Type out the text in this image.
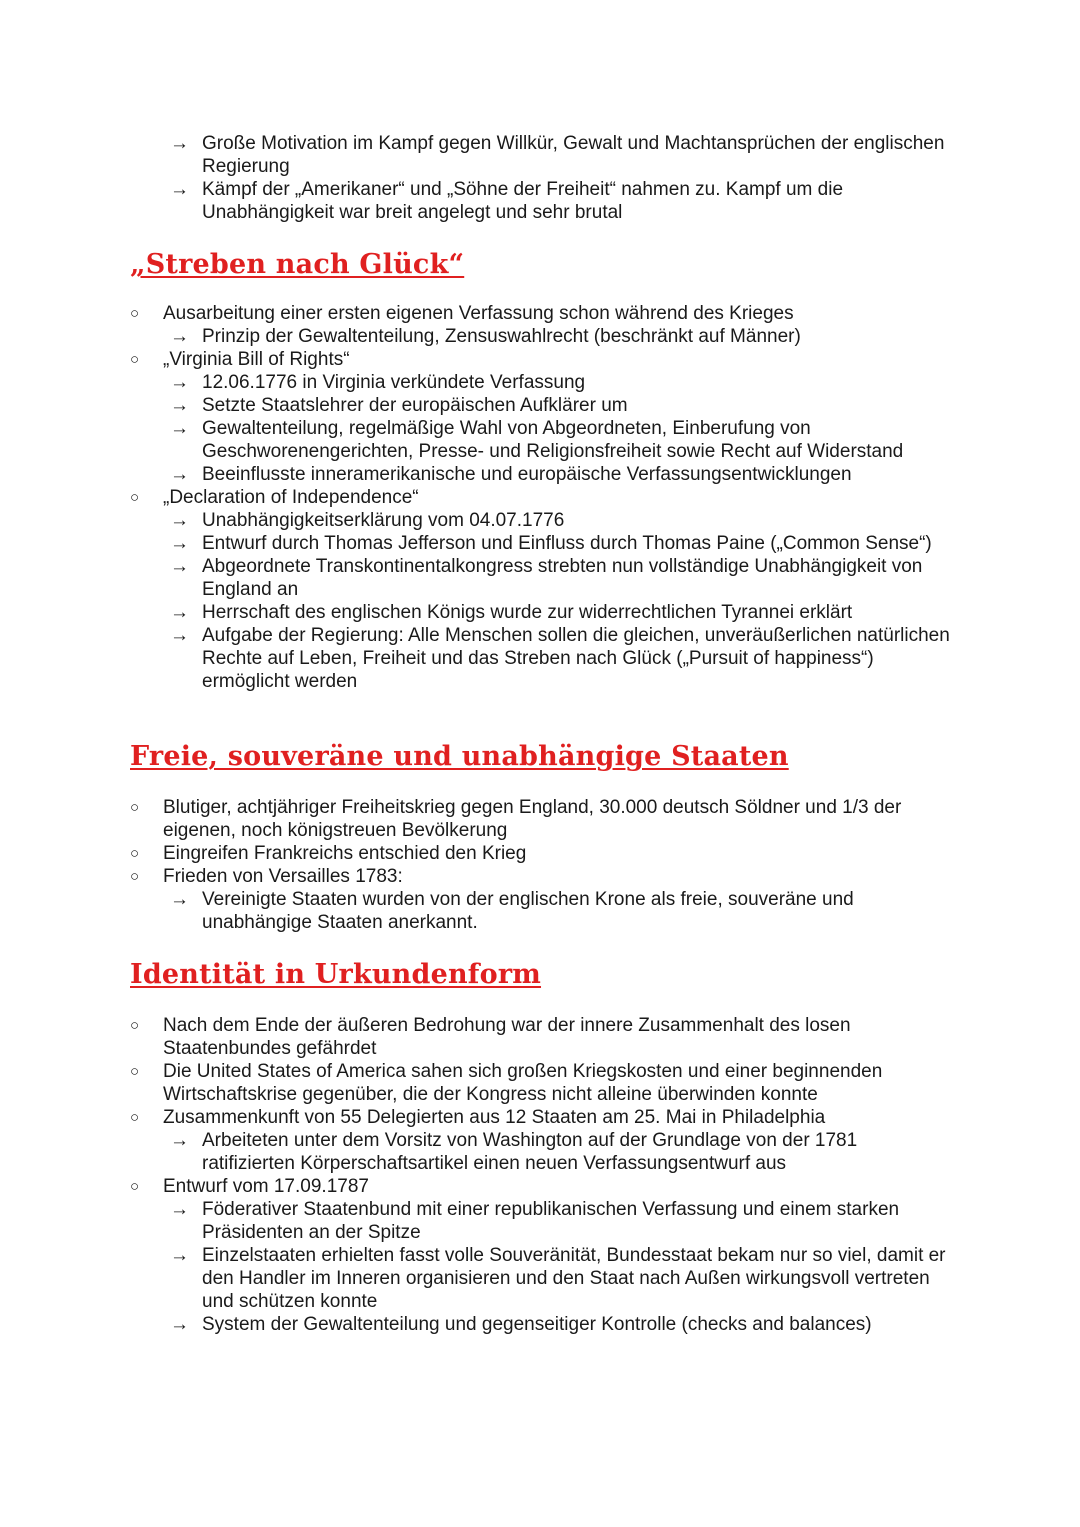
→ Große Motivation im Kampf gegen Willkür, Gewalt und Machtansprüchen der englischen Regierung
→ Kämpf der „Amerikaner“ und „Söhne der Freiheit“ nahmen zu. Kampf um die Unabhängigkeit war breit angelegt und sehr brutal
„Streben nach Glück“
○	Ausarbeitung einer ersten eigenen Verfassung schon während des Krieges
→ Prinzip der Gewaltenteilung, Zensuswahlrecht (beschränkt auf Männer)
○	„Virginia Bill of Rights“
→ 12.06.1776 in Virginia verkündete Verfassung
→ Setzte Staatslehrer der europäischen Aufklärer um
→ Gewaltenteilung, regelmäßige Wahl von Abgeordneten, Einberufung von Geschworenengerichten, Presse- und Religionsfreiheit sowie Recht auf Widerstand
→ Beeinflusste inneramerikanische und europäische Verfassungsentwicklungen
○	„Declaration of Independence“
→ Unabhängigkeitserklärung vom 04.07.1776
→ Entwurf durch Thomas Jefferson und Einfluss durch Thomas Paine („Common Sense“)
→ Abgeordnete Transkontinentalkongress strebten nun vollständige Unabhängigkeit von England an
→ Herrschaft des englischen Königs wurde zur widerrechtlichen Tyrannei erklärt
→ Aufgabe der Regierung: Alle Menschen sollen die gleichen, unveräußerlichen natürlichen Rechte auf Leben, Freiheit und das Streben nach Glück („Pursuit of happiness“) ermöglicht werden
Freie, souveräne und unabhängige Staaten
○	Blutiger, achtjähriger Freiheitskrieg gegen England, 30.000 deutsch Söldner und 1/3 der eigenen, noch königstreuen Bevölkerung
○	Eingreifen Frankreichs entschied den Krieg
○	Frieden von Versailles 1783:
→ Vereinigte Staaten wurden von der englischen Krone als freie, souveräne und unabhängige Staaten anerkannt.
Identität in Urkundenform
○	Nach dem Ende der äußeren Bedrohung war der innere Zusammenhalt des losen Staatenbundes gefährdet
○	Die United States of America sahen sich großen Kriegskosten und einer beginnenden Wirtschaftskrise gegenüber, die der Kongress nicht alleine überwinden konnte
○	Zusammenkunft von 55 Delegierten aus 12 Staaten am 25. Mai in Philadelphia
→ Arbeiteten unter dem Vorsitz von Washington auf der Grundlage von der 1781 ratifizierten Körperschaftsartikel einen neuen Verfassungsentwurf aus
○	Entwurf vom 17.09.1787
→ Föderativer Staatenbund mit einer republikanischen Verfassung und einem starken Präsidenten an der Spitze
→ Einzelstaaten erhielten fasst volle Souveränität, Bundesstaat bekam nur so viel, damit er den Handler im Inneren organisieren und den Staat nach Außen wirkungsvoll vertreten und schützen konnte
→ System der Gewaltenteilung und gegenseitiger Kontrolle (checks and balances)
